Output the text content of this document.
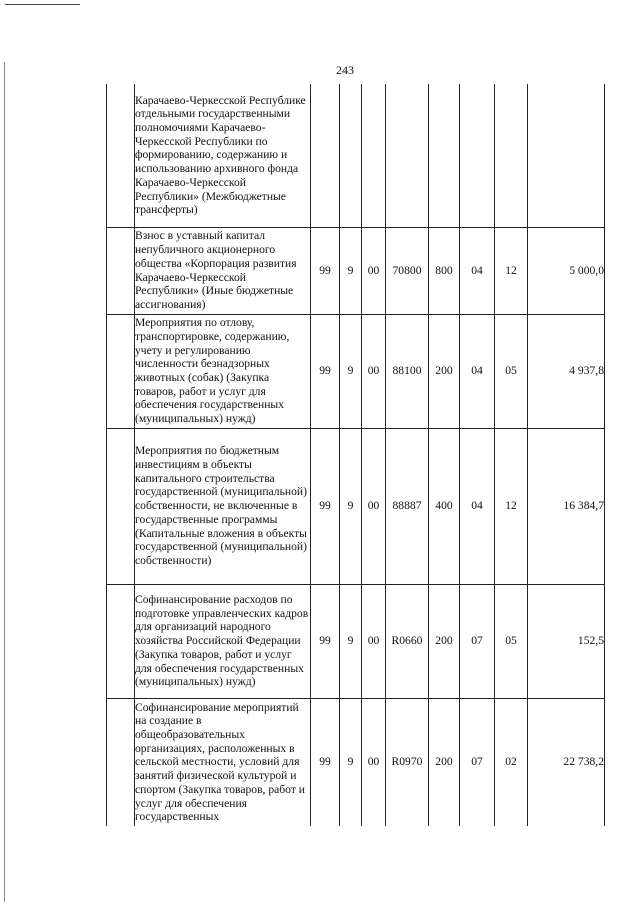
243
	Карачаево-Черкесской Республике отдельными государственными полномочиями Карачаево-Черкесской Республики по формированию, содержанию и использованию архивного фонда Карачаево-Черкесской Республики» (Межбюджетные трансферты)								
	Взнос в уставный капитал непубличного акционерного общества «Корпорация развития Карачаево-Черкесской Республики» (Иные бюджетные ассигнования)	99	9	00	70800	800	04	12	5 000,0
	Мероприятия по отлову, транспортировке, содержанию, учету и регулированию численности безнадзорных животных (собак) (Закупка товаров, работ и услуг для обеспечения государственных (муниципальных) нужд)	99	9	00	88100	200	04	05	4 937,8
	Мероприятия по бюджетным инвестициям в объекты капитального строительства государственной (муниципальной) собственности, не включенные в государственные программы (Капитальные вложения в объекты государственной (муниципальной) собственности)	99	9	00	88887	400	04	12	16 384,7
	Софинансирование расходов по подготовке управленческих кадров для организаций народного хозяйства Российской Федерации (Закупка товаров, работ и услуг для обеспечения государственных (муниципальных) нужд)	99	9	00	R0660	200	07	05	152,5
	Софинансирование мероприятий на создание в общеобразовательных организациях, расположенных в сельской местности, условий для занятий физической культурой и спортом (Закупка товаров, работ и услуг для обеспечения государственных	99	9	00	R0970	200	07	02	22 738,2
